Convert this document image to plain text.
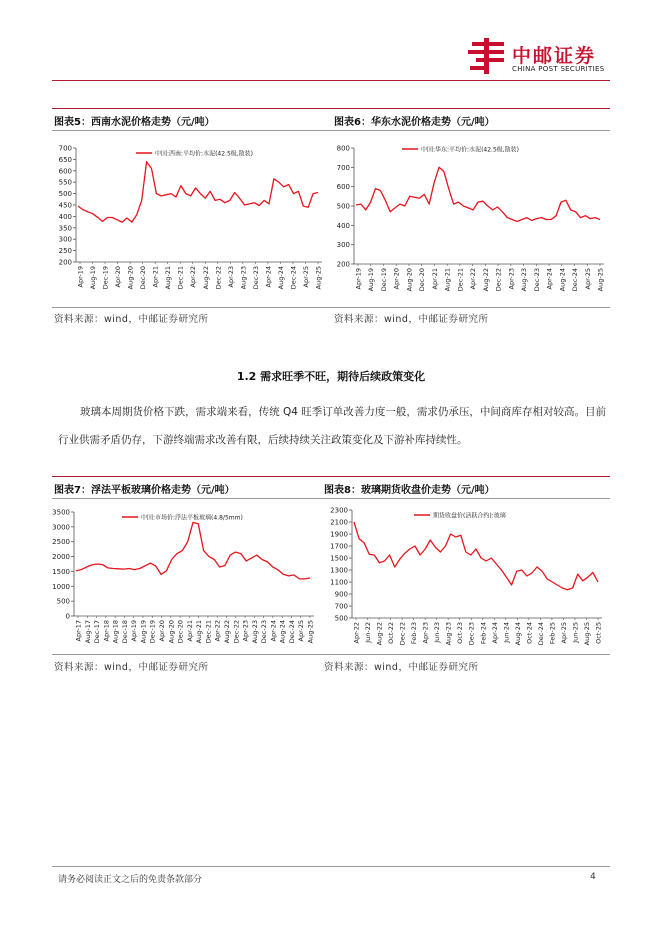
中邮证券
CHINA POST SECURITIES
图表5：西南水泥价格走势（元/吨）	图表6：华东水泥价格走势（元/吨）
200
250
300
350
400
450
500
550
600
650
700
Apr-19 Aug-19 Dec-19 Apr-20 Aug-20 Dec-20 Apr-21 Aug-21 Dec-21 Apr-22 Aug-22 Dec-22 Apr-23 Aug-23 Dec-23 Apr-24 Aug-24 Dec-24 Apr-25 Aug-25
中国:西南:平均价:水泥(42.5级,散装)
200
300
400
500
600
700
800
Apr-19 Aug-19 Dec-19 Apr-20 Aug-20 Dec-20 Apr-21 Aug-21 Dec-21 Apr-22 Aug-22 Dec-22 Apr-23 Aug-23 Dec-23 Apr-24 Aug-24 Dec-24 Apr-25 Aug-25
中国:华东:平均价:水泥(42.5级,散装)
资料来源：wind，中邮证券研究所	资料来源：wind，中邮证券研究所
1.2 需求旺季不旺，期待后续政策变化

玻璃本周期货价格下跌，需求端来看，传统 Q4 旺季订单改善力度一般，需求仍承压，中间商库存相对较高。目前行业供需矛盾仍存，下游终端需求改善有限，后续持续关注政策变化及下游补库持续性。

图表7：浮法平板玻璃价格走势（元/吨）	图表8：玻璃期货收盘价走势（元/吨）
0
500
1000
1500
2000
2500
3000
3500
Apr-17 Aug-17 Dec-17 Apr-18 Aug-18 Dec-18 Apr-19 Aug-19 Dec-19 Apr-20 Aug-20 Dec-20 Apr-21 Aug-21 Dec-21 Apr-22 Aug-22 Dec-22 Apr-23 Aug-23 Dec-23 Apr-24 Aug-24 Dec-24 Apr-25 Aug-25
中国:市场价:浮法平板玻璃(4.8/5mm)
500
700
900
1100
1300
1500
1700
1900
2100
2300
Apr-22 Jun-22 Aug-22 Oct-22 Dec-22 Feb-23 Apr-23 Jun-23 Aug-23 Oct-23 Dec-23 Feb-24 Apr-24 Jun-24 Aug-24 Oct-24 Dec-24 Feb-25 Apr-25 Jun-25 Aug-25 Oct-25
期货收盘价(活跃合约):玻璃
资料来源：wind，中邮证券研究所	资料来源：wind，中邮证券研究所
请务必阅读正文之后的免责条款部分	4
